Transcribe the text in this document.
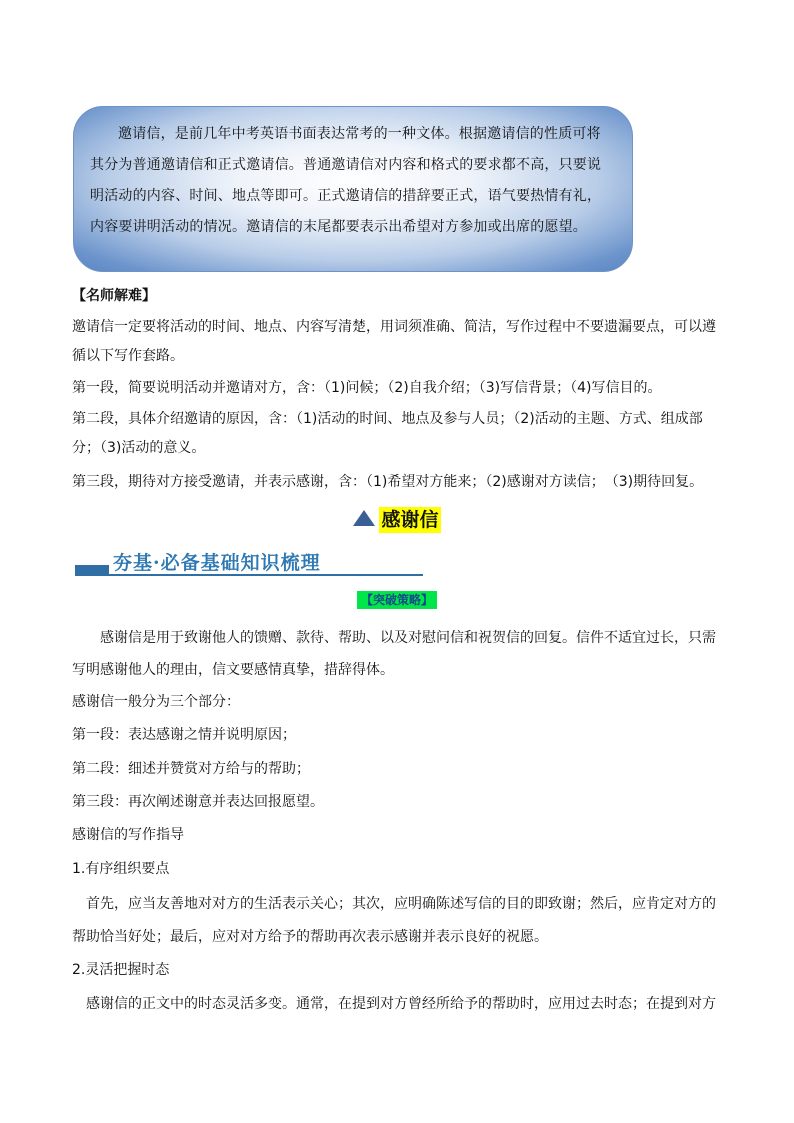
邀请信，是前几年中考英语书面表达常考的一种文体。根据邀请信的性质可将

其分为普通邀请信和正式邀请信。普通邀请信对内容和格式的要求都不高，只要说

明活动的内容、时间、地点等即可。正式邀请信的措辞要正式，语气要热情有礼，

内容要讲明活动的情况。邀请信的末尾都要表示出希望对方参加或出席的愿望。

【名师解难】

邀请信一定要将活动的时间、地点、内容写清楚，用词须准确、简洁，写作过程中不要遗漏要点，可以遵循以下写作套路。

第一段，简要说明活动并邀请对方，含：（1)问候；（2)自我介绍；（3)写信背景；（4)写信目的。

第二段，具体介绍邀请的原因，含：（1)活动的时间、地点及参与人员；（2)活动的主题、方式、组成部分；（3)活动的意义。

第三段，期待对方接受邀请，并表示感谢，含：（1)希望对方能来；（2)感谢对方读信；　（3)期待回复。

感谢信
夯基·必备基础知识梳理
【突破策略】

感谢信是用于致谢他人的馈赠、款待、帮助、以及对慰问信和祝贺信的回复。信件不适宜过长，只需写明感谢他人的理由，信文要感情真挚，措辞得体。

感谢信一般分为三个部分：

第一段：表达感谢之情并说明原因；

第二段：细述并赞赏对方给与的帮助；

第三段：再次阐述谢意并表达回报愿望。

感谢信的写作指导

1.有序组织要点

首先，应当友善地对对方的生活表示关心；其次，应明确陈述写信的目的即致谢；然后，应肯定对方的帮助恰当好处；最后，应对对方给予的帮助再次表示感谢并表示良好的祝愿。

2.灵活把握时态

感谢信的正文中的时态灵活多变。通常，在提到对方曾经所给予的帮助时，应用过去时态；在提到对方
